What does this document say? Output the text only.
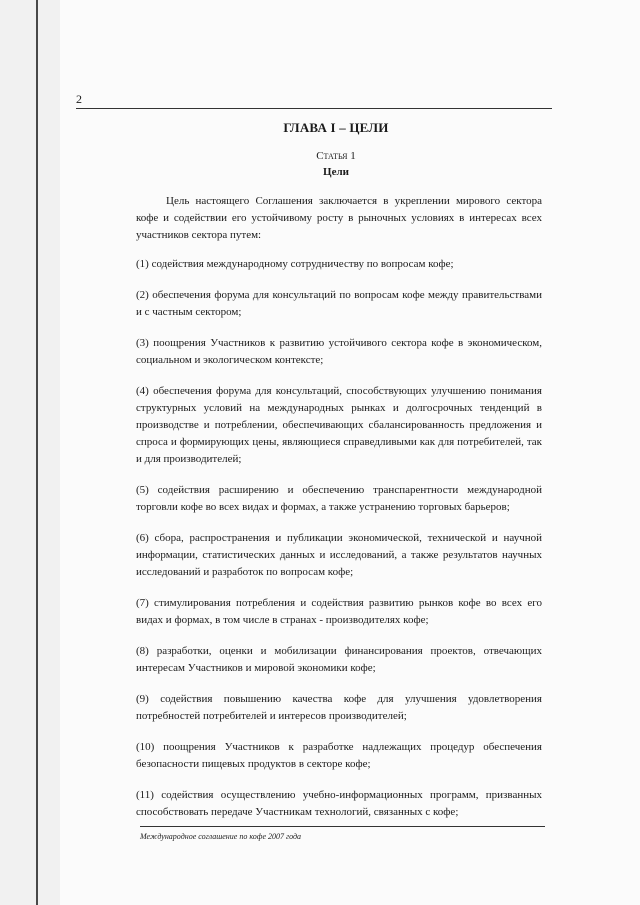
2
ГЛАВА I – ЦЕЛИ
Статья 1
Цели

Цель настоящего Соглашения заключается в укреплении мирового сектора кофе и содействии его устойчивому росту в рыночных условиях в интересах всех участников сектора путем:

(1) содействия международному сотрудничеству по вопросам кофе;

(2) обеспечения форума для консультаций по вопросам кофе между правительствами и с частным сектором;

(3) поощрения Участников к развитию устойчивого сектора кофе в экономическом, социальном и экологическом контексте;

(4) обеспечения форума для консультаций, способствующих улучшению понимания структурных условий на международных рынках и долгосрочных тенденций в производстве и потреблении, обеспечивающих сбалансированность предложения и спроса и формирующих цены, являющиеся справедливыми как для потребителей, так и для производителей;

(5) содействия расширению и обеспечению транспарентности международной торговли кофе во всех видах и формах, а также устранению торговых барьеров;

(6) сбора, распространения и публикации экономической, технической и научной информации, статистических данных и исследований, а также результатов научных исследований и разработок по вопросам кофе;

(7) стимулирования потребления и содействия развитию рынков кофе во всех его видах и формах, в том числе в странах - производителях кофе;

(8) разработки, оценки и мобилизации финансирования проектов, отвечающих интересам Участников и мировой экономики кофе;

(9) содействия повышению качества кофе для улучшения удовлетворения потребностей потребителей и интересов производителей;

(10) поощрения Участников к разработке надлежащих процедур обеспечения безопасности пищевых продуктов в секторе кофе;

(11) содействия осуществлению учебно-информационных программ, призванных способствовать передаче Участникам технологий, связанных с кофе;

Международное соглашение по кофе 2007 года
